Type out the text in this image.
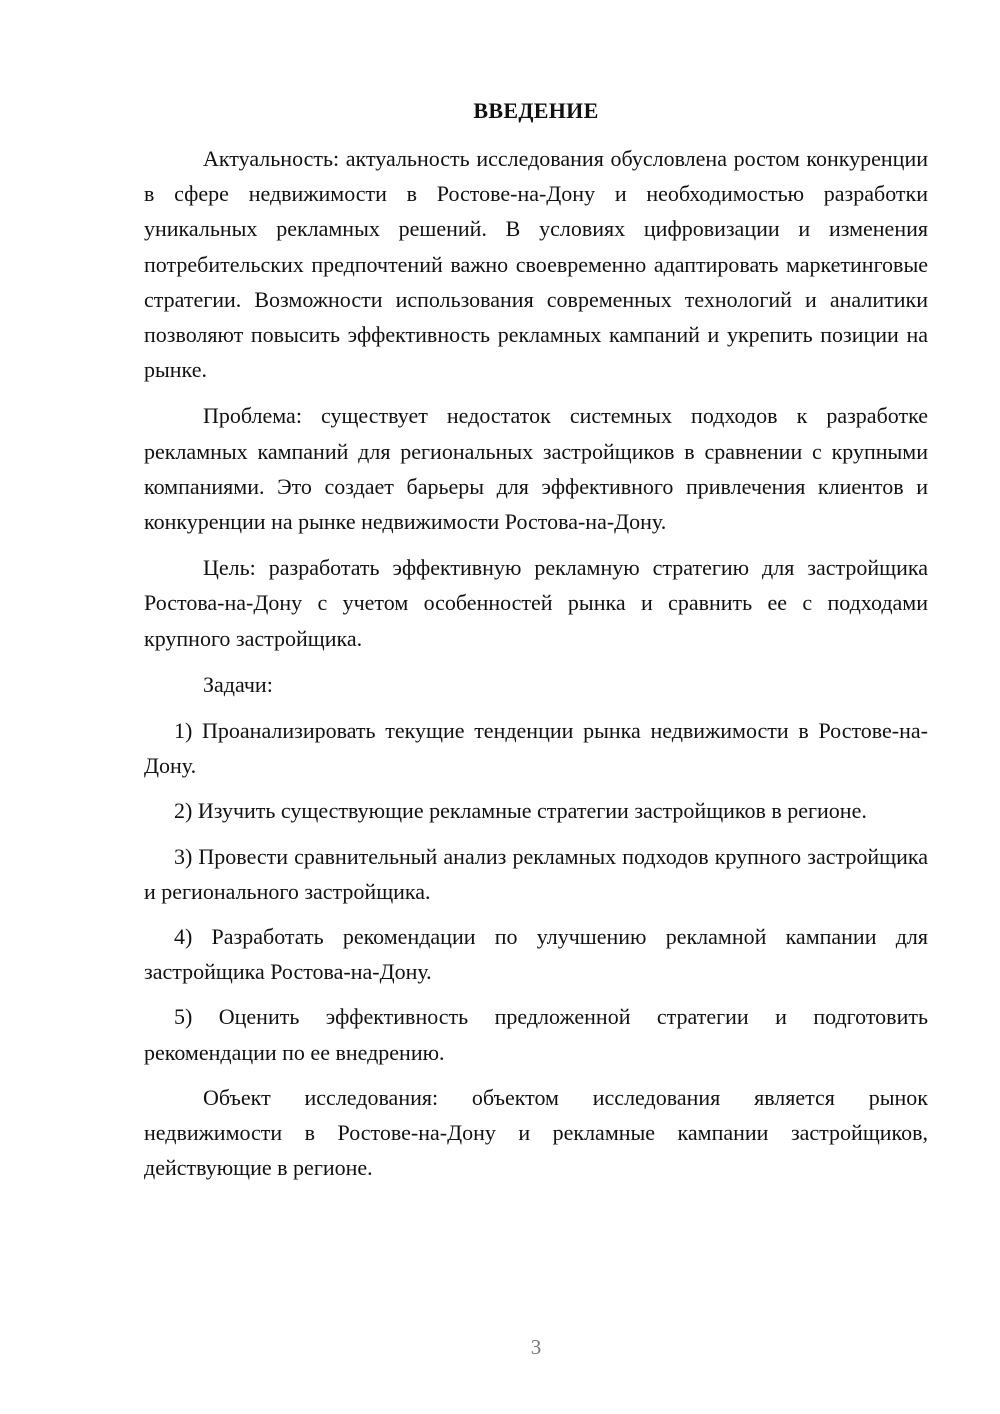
ВВЕДЕНИЕ

Актуальность: актуальность исследования обусловлена ростом конкуренции в сфере недвижимости в Ростове-на-Дону и необходимостью разработки уникальных рекламных решений. В условиях цифровизации и изменения потребительских предпочтений важно своевременно адаптировать маркетинговые стратегии. Возможности использования современных технологий и аналитики позволяют повысить эффективность рекламных кампаний и укрепить позиции на рынке.

Проблема: существует недостаток системных подходов к разработке рекламных кампаний для региональных застройщиков в сравнении с крупными компаниями. Это создает барьеры для эффективного привлечения клиентов и конкуренции на рынке недвижимости Ростова-на-Дону.

Цель: разработать эффективную рекламную стратегию для застройщика Ростова-на-Дону с учетом особенностей рынка и сравнить ее с подходами крупного застройщика.

Задачи:

1) Проанализировать текущие тенденции рынка недвижимости в Ростове-на-Дону.

2) Изучить существующие рекламные стратегии застройщиков в регионе.

3) Провести сравнительный анализ рекламных подходов крупного застройщика и регионального застройщика.

4) Разработать рекомендации по улучшению рекламной кампании для застройщика Ростова-на-Дону.

5) Оценить эффективность предложенной стратегии и подготовить рекомендации по ее внедрению.

Объект исследования: объектом исследования является рынок недвижимости в Ростове-на-Дону и рекламные кампании застройщиков, действующие в регионе.

3
